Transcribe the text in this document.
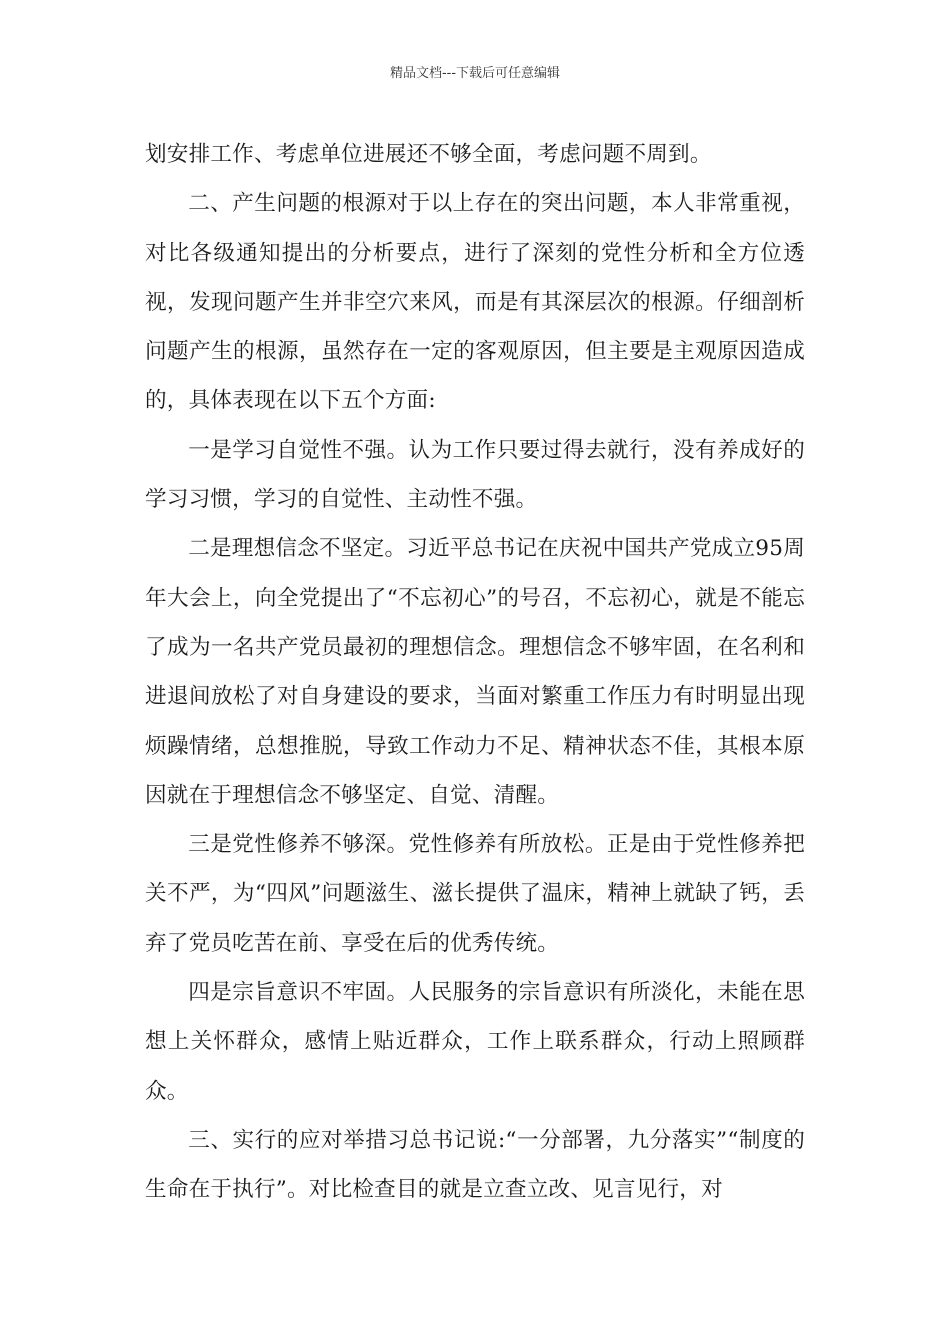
精品文档---下载后可任意编辑

划安排工作、考虑单位进展还不够全面，考虑问题不周到。

二、产生问题的根源对于以上存在的突出问题，本人非常重视，对比各级通知提出的分析要点，进行了深刻的党性分析和全方位透视，发现问题产生并非空穴来风，而是有其深层次的根源。仔细剖析问题产生的根源，虽然存在一定的客观原因，但主要是主观原因造成的，具体表现在以下五个方面:

一是学习自觉性不强。认为工作只要过得去就行，没有养成好的学习习惯，学习的自觉性、主动性不强。

二是理想信念不坚定。习近平总书记在庆祝中国共产党成立95周年大会上，向全党提出了“不忘初心”的号召，不忘初心，就是不能忘了成为一名共产党员最初的理想信念。理想信念不够牢固，在名利和进退间放松了对自身建设的要求，当面对繁重工作压力有时明显出现烦躁情绪，总想推脱，导致工作动力不足、精神状态不佳，其根本原因就在于理想信念不够坚定、自觉、清醒。

三是党性修养不够深。党性修养有所放松。正是由于党性修养把关不严，为“四风”问题滋生、滋长提供了温床，精神上就缺了钙，丢弃了党员吃苦在前、享受在后的优秀传统。

四是宗旨意识不牢固。人民服务的宗旨意识有所淡化，未能在思想上关怀群众，感情上贴近群众，工作上联系群众，行动上照顾群众。

三、实行的应对举措习总书记说:“一分部署，九分落实”“制度的生命在于执行”。对比检查目的就是立查立改、见言见行，对
